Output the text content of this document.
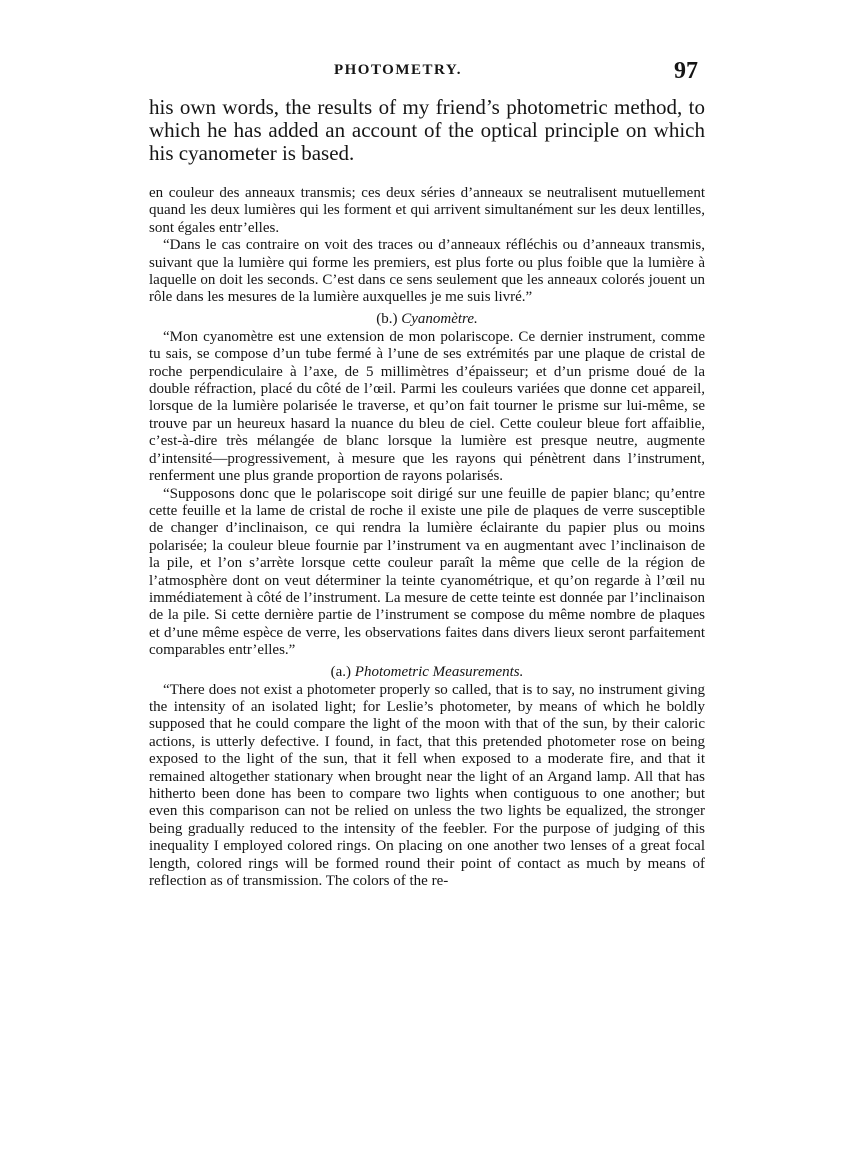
PHOTOMETRY.	97

his own words, the results of my friend’s photometric method, to which he has added an account of the optical principle on which his cyanometer is based.

en couleur des anneaux transmis; ces deux séries d’anneaux se neutralisent mutuellement quand les deux lumières qui les forment et qui arrivent simultanément sur les deux lentilles, sont égales entr’elles.

“Dans le cas contraire on voit des traces ou d’anneaux réfléchis ou d’anneaux transmis, suivant que la lumière qui forme les premiers, est plus forte ou plus foible que la lumière à laquelle on doit les seconds. C’est dans ce sens seulement que les anneaux colorés jouent un rôle dans les mesures de la lumière auxquelles je me suis livré.”

(b.) Cyanomètre.

“Mon cyanomètre est une extension de mon polariscope. Ce dernier instrument, comme tu sais, se compose d’un tube fermé à l’une de ses extrémités par une plaque de cristal de roche perpendiculaire à l’axe, de 5 millimètres d’épaisseur; et d’un prisme doué de la double réfraction, placé du côté de l’œil. Parmi les couleurs variées que donne cet appareil, lorsque de la lumière polarisée le traverse, et qu’on fait tourner le prisme sur lui-même, se trouve par un heureux hasard la nuance du bleu de ciel. Cette couleur bleue fort affaiblie, c’est-à-dire très mélangée de blanc lorsque la lumière est presque neutre, augmente d’intensité—progressivement, à mesure que les rayons qui pénètrent dans l’instrument, renferment une plus grande proportion de rayons polarisés.

“Supposons donc que le polariscope soit dirigé sur une feuille de papier blanc; qu’entre cette feuille et la lame de cristal de roche il existe une pile de plaques de verre susceptible de changer d’inclinaison, ce qui rendra la lumière éclairante du papier plus ou moins polarisée; la couleur bleue fournie par l’instrument va en augmentant avec l’inclinaison de la pile, et l’on s’arrète lorsque cette couleur paraît la même que celle de la région de l’atmosphère dont on veut déterminer la teinte cyanométrique, et qu’on regarde à l’œil nu immédiatement à côté de l’instrument. La mesure de cette teinte est donnée par l’inclinaison de la pile. Si cette dernière partie de l’instrument se compose du même nombre de plaques et d’une même espèce de verre, les observations faites dans divers lieux seront parfaitement comparables entr’elles.”

(a.) Photometric Measurements.

“There does not exist a photometer properly so called, that is to say, no instrument giving the intensity of an isolated light; for Leslie’s photometer, by means of which he boldly supposed that he could compare the light of the moon with that of the sun, by their caloric actions, is utterly defective. I found, in fact, that this pretended photometer rose on being exposed to the light of the sun, that it fell when exposed to a moderate fire, and that it remained altogether stationary when brought near the light of an Argand lamp. All that has hitherto been done has been to compare two lights when contiguous to one another; but even this comparison can not be relied on unless the two lights be equalized, the stronger being gradually reduced to the intensity of the feebler. For the purpose of judging of this inequality I employed colored rings. On placing on one another two lenses of a great focal length, colored rings will be formed round their point of contact as much by means of reflection as of transmission. The colors of the re-
